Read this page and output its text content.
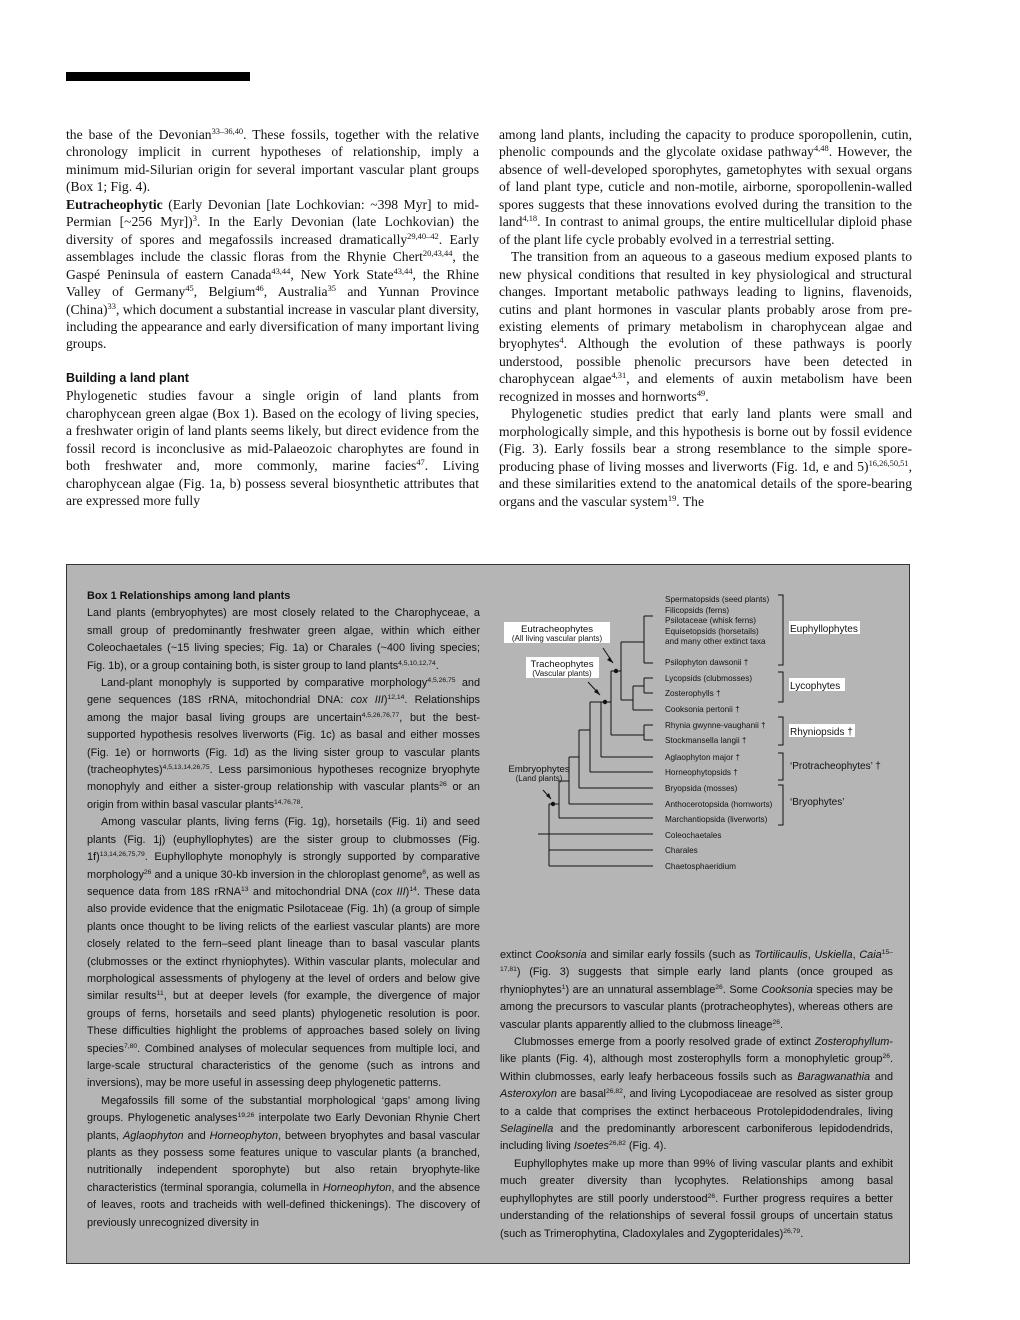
the base of the Devonian$^{33-36,40}$. These fossils, together with the relative chronology implicit in current hypotheses of relationship, imply a minimum mid-Silurian origin for several important vascular plant groups (Box 1; Fig. 4).

Eutracheophytic (Early Devonian [late Lochkovian: ~398 Myr] to mid-Permian [~256 Myr])$^3$. In the Early Devonian (late Lochkovian) the diversity of spores and megafossils increased dramatically$^{29,40-42}$. Early assemblages include the classic floras from the Rhynie Chert$^{20,43,44}$, the Gaspé Peninsula of eastern Canada$^{43,44}$, New York State$^{43,44}$, the Rhine Valley of Germany$^{45}$, Belgium$^{46}$, Australia$^{35}$ and Yunnan Province (China)$^{33}$, which document a substantial increase in vascular plant diversity, including the appearance and early diversification of many important living groups.

Building a land plant

Phylogenetic studies favour a single origin of land plants from charophycean green algae (Box 1). Based on the ecology of living species, a freshwater origin of land plants seems likely, but direct evidence from the fossil record is inconclusive as mid-Palaeozoic charophytes are found in both freshwater and, more commonly, marine facies$^{47}$. Living charophycean algae (Fig. 1a, b) possess several biosynthetic attributes that are expressed more fully

among land plants, including the capacity to produce sporopollenin, cutin, phenolic compounds and the glycolate oxidase pathway$^{4,48}$. However, the absence of well-developed sporophytes, gametophytes with sexual organs of land plant type, cuticle and non-motile, airborne, sporopollenin-walled spores suggests that these innovations evolved during the transition to the land$^{4,18}$. In contrast to animal groups, the entire multicellular diploid phase of the plant life cycle probably evolved in a terrestrial setting.

The transition from an aqueous to a gaseous medium exposed plants to new physical conditions that resulted in key physiological and structural changes. Important metabolic pathways leading to lignins, flavenoids, cutins and plant hormones in vascular plants probably arose from pre-existing elements of primary metabolism in charophycean algae and bryophytes$^4$. Although the evolution of these pathways is poorly understood, possible phenolic precursors have been detected in charophycean algae$^{4,31}$, and elements of auxin metabolism have been recognized in mosses and hornworts$^{49}$.

Phylogenetic studies predict that early land plants were small and morphologically simple, and this hypothesis is borne out by fossil evidence (Fig. 3). Early fossils bear a strong resemblance to the simple spore-producing phase of living mosses and liverworts (Fig. 1d, e and 5)$^{16,26,50,51}$, and these similarities extend to the anatomical details of the spore-bearing organs and the vascular system$^{19}$. The

Box 1 Relationships among land plants

Land plants (embryophytes) are most closely related to the Charophyceae, a small group of predominantly freshwater green algae, within which either Coleochaetales (~15 living species; Fig. 1a) or Charales (~400 living species; Fig. 1b), or a group containing both, is sister group to land plants$^{4,5,10,12,74}$.

Land-plant monophyly is supported by comparative morphology$^{4,5,26,75}$ and gene sequences (18S rRNA, mitochondrial DNA: cox III)$^{12,14}$. Relationships among the major basal living groups are uncertain$^{4,5,26,76,77}$, but the best-supported hypothesis resolves liverworts (Fig. 1c) as basal and either mosses (Fig. 1e) or hornworts (Fig. 1d) as the living sister group to vascular plants (tracheophytes)$^{4,5,13,14,26,75}$. Less parsimonious hypotheses recognize bryophyte monophyly and either a sister-group relationship with vascular plants$^{26}$ or an origin from within basal vascular plants$^{14,76,78}$.

Among vascular plants, living ferns (Fig. 1g), horsetails (Fig. 1i) and seed plants (Fig. 1j) (euphyllophytes) are the sister group to clubmosses (Fig. 1f)$^{13,14,26,75,79}$. Euphyllophyte monophyly is strongly supported by comparative morphology$^{26}$ and a unique 30-kb inversion in the chloroplast genome$^8$, as well as sequence data from 18S rRNA$^{13}$ and mitochondrial DNA (cox III)$^{14}$. These data also provide evidence that the enigmatic Psilotaceae (Fig. 1h) (a group of simple plants once thought to be living relicts of the earliest vascular plants) are more closely related to the fern–seed plant lineage than to basal vascular plants (clubmosses or the extinct rhyniophytes). Within vascular plants, molecular and morphological assessments of phylogeny at the level of orders and below give similar results$^{11}$, but at deeper levels (for example, the divergence of major groups of ferns, horsetails and seed plants) phylogenetic resolution is poor. These difficulties highlight the problems of approaches based solely on living species$^{7,80}$. Combined analyses of molecular sequences from multiple loci, and large-scale structural characteristics of the genome (such as introns and inversions), may be more useful in assessing deep phylogenetic patterns.

Megafossils fill some of the substantial morphological ‘gaps’ among living groups. Phylogenetic analyses$^{19,26}$ interpolate two Early Devonian Rhynie Chert plants, Aglaophyton and Horneophyton, between bryophytes and basal vascular plants as they possess some features unique to vascular plants (a branched, nutritionally independent sporophyte) but also retain bryophyte-like characteristics (terminal sporangia, columella in Horneophyton, and the absence of leaves, roots and tracheids with well-defined thickenings). The discovery of previously unrecognized diversity in

extinct Cooksonia and similar early fossils (such as Tortilicaulis, Uskiella, Caia$^{15-17,81}$) (Fig. 3) suggests that simple early land plants (once grouped as rhyniophytes$^1$) are an unnatural assemblage$^{26}$. Some Cooksonia species may be among the precursors to vascular plants (protracheophytes), whereas others are vascular plants apparently allied to the clubmoss lineage$^{26}$.

Clubmosses emerge from a poorly resolved grade of extinct Zosterophyllum-like plants (Fig. 4), although most zosterophylls form a monophyletic group$^{26}$. Within clubmosses, early leafy herbaceous fossils such as Baragwanathia and Asteroxylon are basal$^{26,82}$, and living Lycopodiaceae are resolved as sister group to a calde that comprises the extinct herbaceous Protolepidodendrales, living Selaginella and the predominantly arborescent carboniferous lepidodendrids, including living Isoetes$^{26,82}$ (Fig. 4).

Euphyllophytes make up more than 99% of living vascular plants and exhibit much greater diversity than lycophytes. Relationships among basal euphyllophytes are still poorly understood$^{26}$. Further progress requires a better understanding of the relationships of several fossil groups of uncertain status (such as Trimerophytina, Cladoxylales and Zygopteridales)$^{26,79}$.

Spermatopsids (seed plants)
Filicopsids (ferns)
Psilotaceae (whisk ferns)
Equisetopsids (horsetails)
and many other extinct taxa
Psilophyton dawsonii †
Lycopsids (clubmosses)
Zosterophylls †
Cooksonia pertonii †
Rhynia gwynne-vaughanii †
Stockmansella langii †
Aglaophyton major †
Horneophytopsids †
Bryopsida (mosses)
Anthocerotopsida (hornworts)
Marchantiopsida (liverworts)
Coleochaetales
Charales
Chaetosphaeridium
Euphyllophytes
Lycophytes
Rhyniopsids †
‘Protracheophytes’ †
‘Bryophytes’
Eutracheophytes
(All living vascular plants)
Tracheophytes
(Vascular plants)
Embryophytes
(Land plants)
